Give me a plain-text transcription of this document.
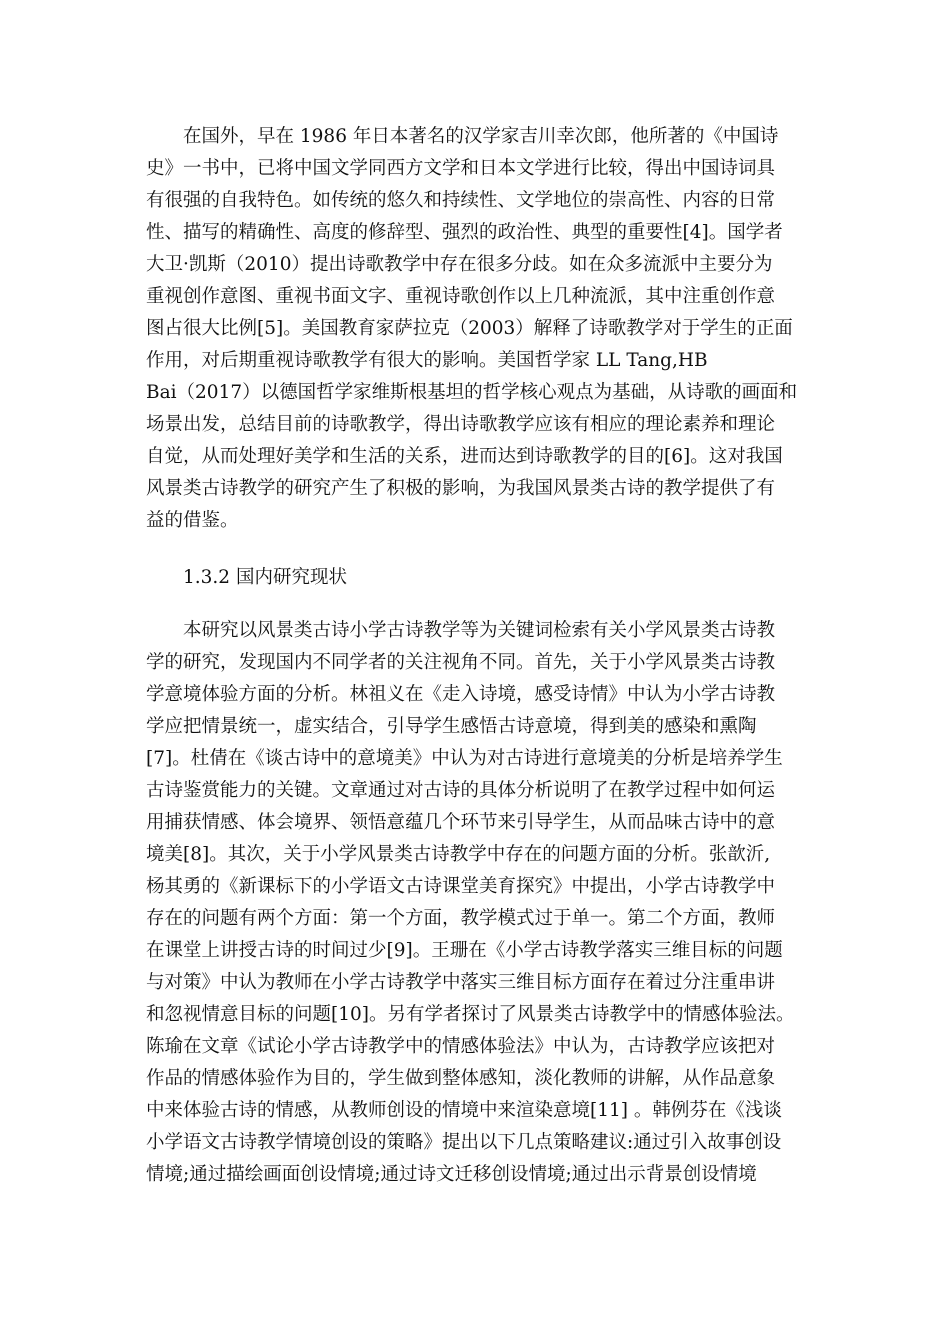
在国外，早在 1986 年日本著名的汉学家吉川幸次郎，他所著的《中国诗
史》一书中，已将中国文学同西方文学和日本文学进行比较，得出中国诗词具
有很强的自我特色。如传统的悠久和持续性、文学地位的崇高性、内容的日常
性、描写的精确性、高度的修辞型、强烈的政治性、典型的重要性[4]。国学者
大卫·凯斯（2010）提出诗歌教学中存在很多分歧。如在众多流派中主要分为
重视创作意图、重视书面文字、重视诗歌创作以上几种流派，其中注重创作意
图占很大比例[5]。美国教育家萨拉克（2003）解释了诗歌教学对于学生的正面
作用，对后期重视诗歌教学有很大的影响。美国哲学家 LL Tang,HB
Bai（2017）以德国哲学家维斯根基坦的哲学核心观点为基础，从诗歌的画面和
场景出发，总结目前的诗歌教学，得出诗歌教学应该有相应的理论素养和理论
自觉，从而处理好美学和生活的关系，进而达到诗歌教学的目的[6]。这对我国
风景类古诗教学的研究产生了积极的影响，为我国风景类古诗的教学提供了有
益的借鉴。
1.3.2 国内研究现状
本研究以风景类古诗小学古诗教学等为关键词检索有关小学风景类古诗教
学的研究，发现国内不同学者的关注视角不同。首先，关于小学风景类古诗教
学意境体验方面的分析。林祖义在《走入诗境，感受诗情》中认为小学古诗教
学应把情景统一，虚实结合，引导学生感悟古诗意境，得到美的感染和熏陶
[7]。杜倩在《谈古诗中的意境美》中认为对古诗进行意境美的分析是培养学生
古诗鉴赏能力的关键。文章通过对古诗的具体分析说明了在教学过程中如何运
用捕获情感、体会境界、领悟意蕴几个环节来引导学生，从而品味古诗中的意
境美[8]。其次，关于小学风景类古诗教学中存在的问题方面的分析。张歆沂,
杨其勇的《新课标下的小学语文古诗课堂美育探究》中提出，小学古诗教学中
存在的问题有两个方面：第一个方面，教学模式过于单一。第二个方面，教师
在课堂上讲授古诗的时间过少[9]。王珊在《小学古诗教学落实三维目标的问题
与对策》中认为教师在小学古诗教学中落实三维目标方面存在着过分注重串讲
和忽视情意目标的问题[10]。另有学者探讨了风景类古诗教学中的情感体验法。
陈瑜在文章《试论小学古诗教学中的情感体验法》中认为，古诗教学应该把对
作品的情感体验作为目的，学生做到整体感知，淡化教师的讲解，从作品意象
中来体验古诗的情感，从教师创设的情境中来渲染意境[11] 。韩例芬在《浅谈
小学语文古诗教学情境创设的策略》提出以下几点策略建议:通过引入故事创设
情境;通过描绘画面创设情境;通过诗文迁移创设情境;通过出示背景创设情境
